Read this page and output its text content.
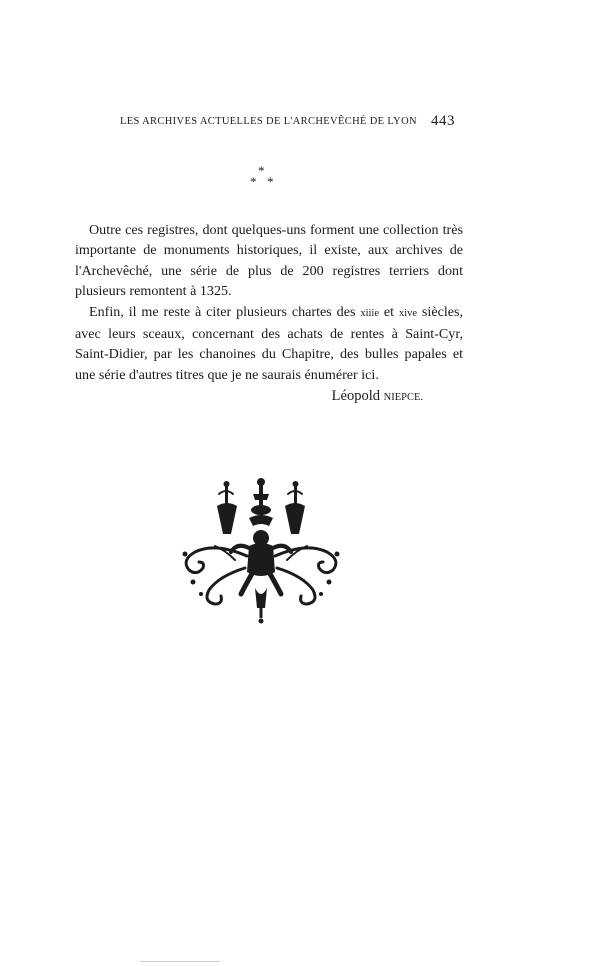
LES ARCHIVES ACTUELLES DE L'ARCHEVÊCHÉ DE LYON 443
*
* *

Outre ces registres, dont quelques-uns forment une collection très importante de monuments historiques, il existe, aux archives de l'Archevêché, une série de plus de 200 registres terriers dont plusieurs remontent à 1325.

Enfin, il me reste à citer plusieurs chartes des xiiie et xive siècles, avec leurs sceaux, concernant des achats de rentes à Saint-Cyr, Saint-Didier, par les chanoines du Chapitre, des bulles papales et une série d'autres titres que je ne saurais énumérer ici.

Léopold NIEPCE.
